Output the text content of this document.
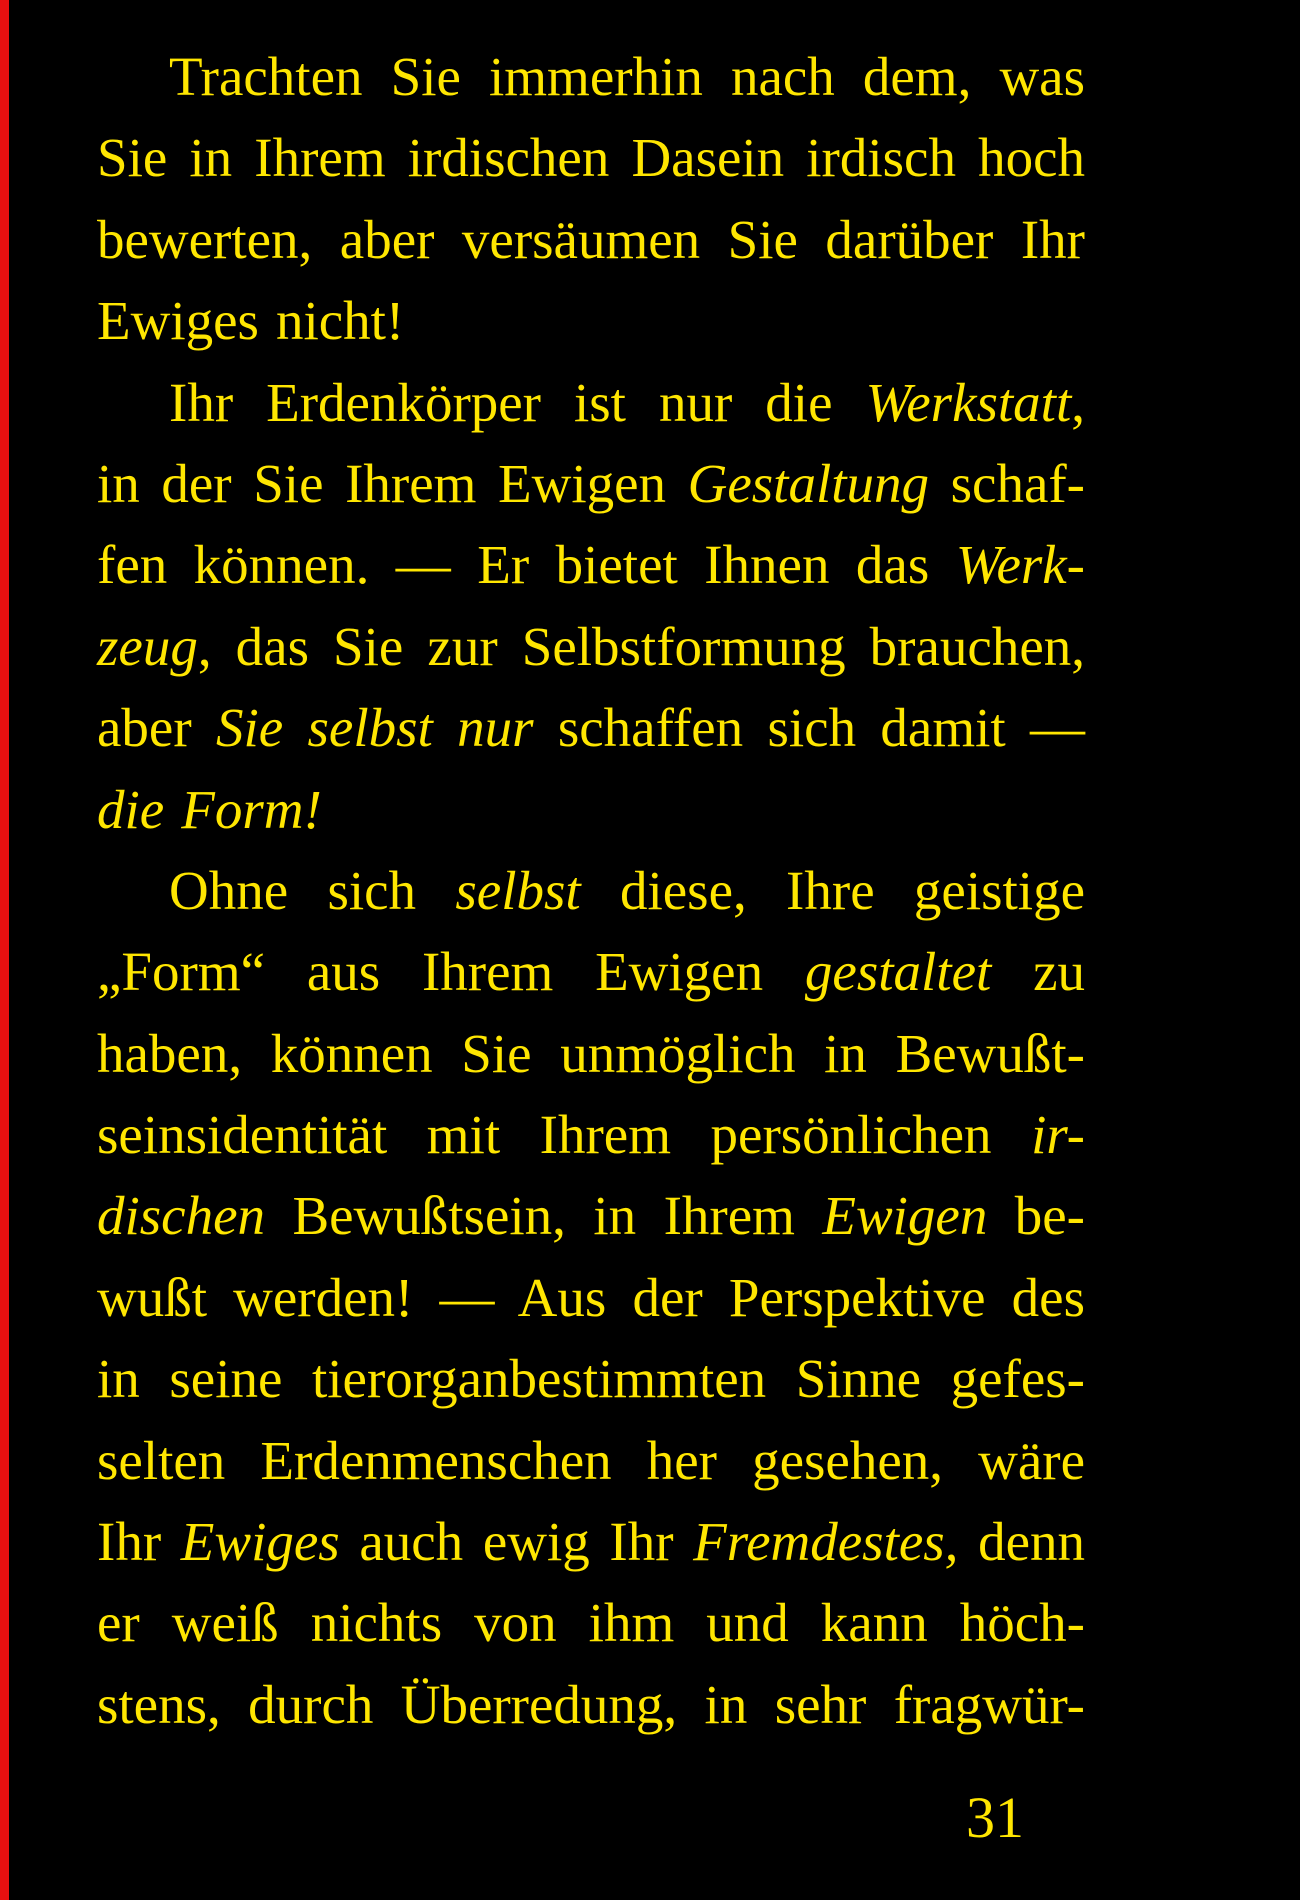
Trachten Sie immerhin nach dem, was
Sie in Ihrem irdischen Dasein irdisch hoch
bewerten, aber versäumen Sie darüber Ihr
Ewiges nicht!
Ihr Erdenkörper ist nur die Werkstatt,
in der Sie Ihrem Ewigen Gestaltung schaf-
fen können. — Er bietet Ihnen das Werk-
zeug, das Sie zur Selbstformung brauchen,
aber Sie selbst nur schaffen sich damit —
die Form!
Ohne sich selbst diese, Ihre geistige
„Form“ aus Ihrem Ewigen gestaltet zu
haben, können Sie unmöglich in Bewußt-
seinsidentität mit Ihrem persönlichen ir-
dischen Bewußtsein, in Ihrem Ewigen be-
wußt werden! — Aus der Perspektive des
in seine tierorganbestimmten Sinne gefes-
selten Erdenmenschen her gesehen, wäre
Ihr Ewiges auch ewig Ihr Fremdestes, denn
er weiß nichts von ihm und kann höch-
stens, durch Überredung, in sehr fragwür-
31
